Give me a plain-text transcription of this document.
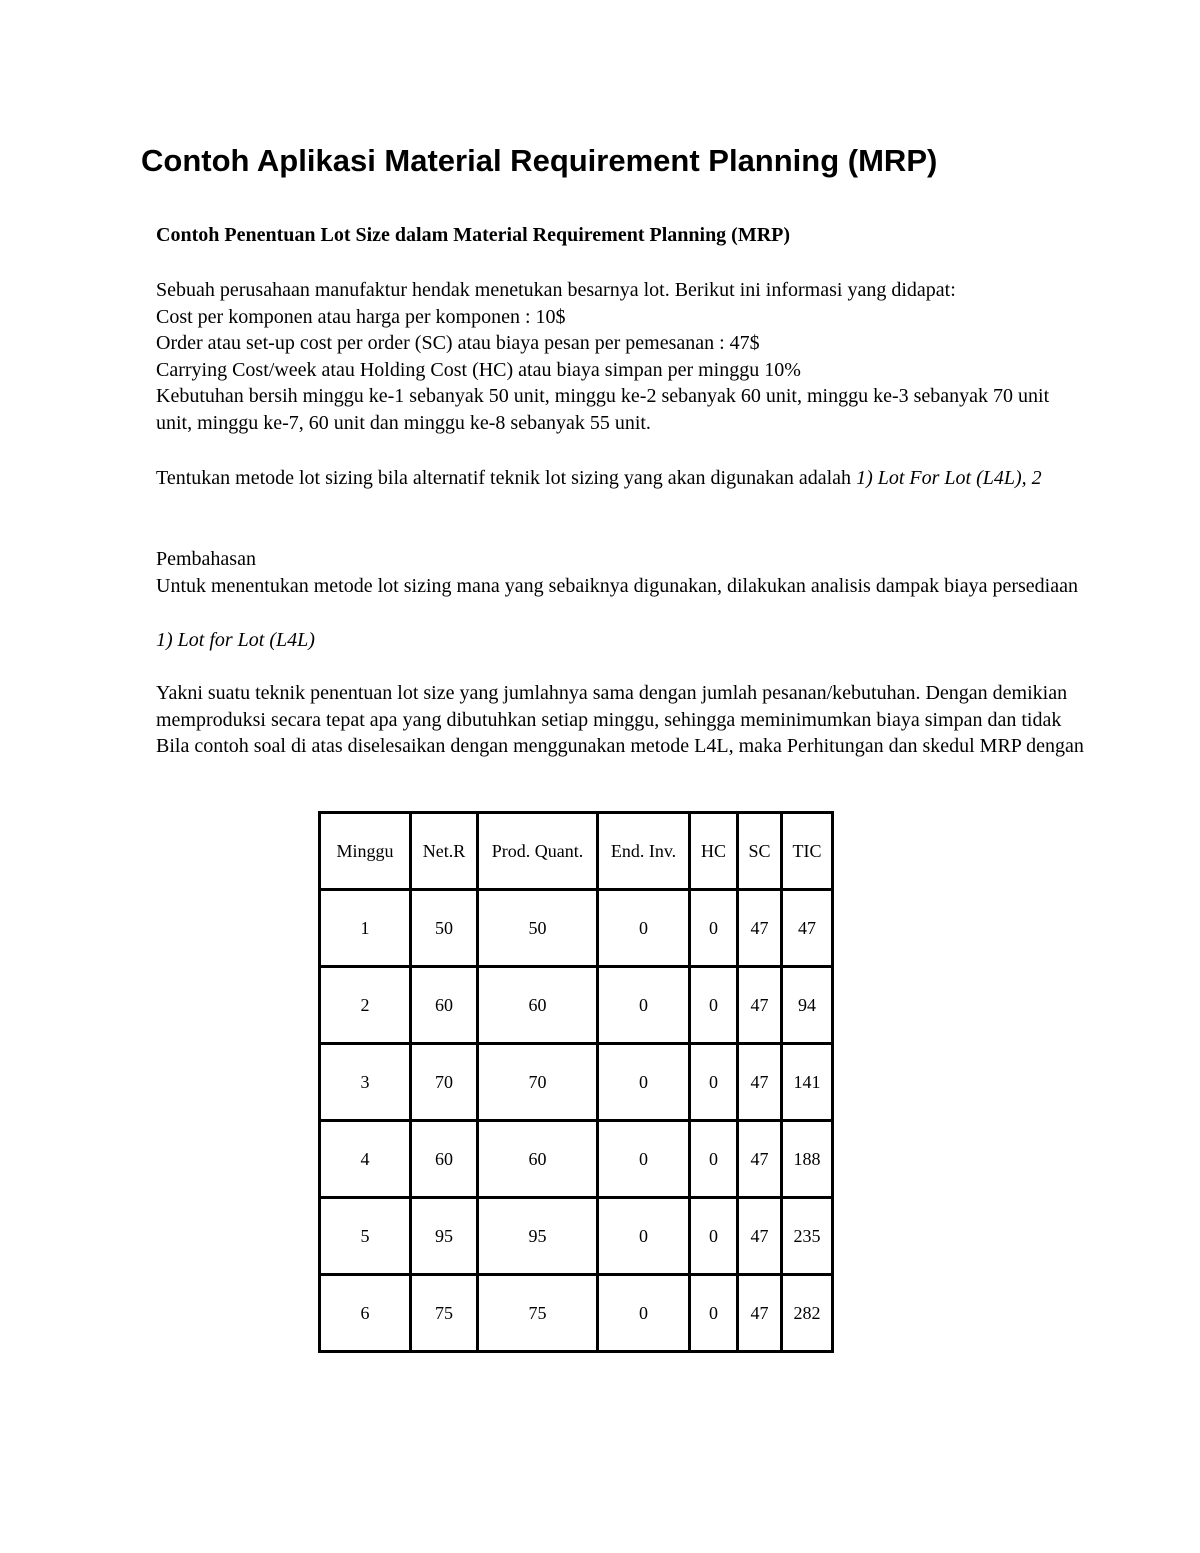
Contoh Aplikasi Material Requirement Planning (MRP)
Contoh Penentuan Lot Size dalam Material Requirement Planning (MRP)
Sebuah perusahaan manufaktur hendak menetukan besarnya lot. Berikut ini informasi yang didapat:
Cost per komponen atau harga per komponen : 10$
Order atau set-up cost per order (SC) atau biaya pesan per pemesanan : 47$
Carrying Cost/week atau Holding Cost (HC) atau biaya simpan per minggu 10%
Kebutuhan bersih minggu ke-1 sebanyak 50 unit, minggu ke-2 sebanyak 60 unit, minggu ke-3 sebanyak 70 unit
unit, minggu ke-7, 60 unit dan minggu ke-8 sebanyak 55 unit.
Tentukan metode lot sizing bila alternatif teknik lot sizing yang akan digunakan adalah 1) Lot For Lot (L4L), 2
Pembahasan
Untuk menentukan metode lot sizing mana yang sebaiknya digunakan, dilakukan analisis dampak biaya persediaan
1) Lot for Lot (L4L)
Yakni suatu teknik penentuan lot size yang jumlahnya sama dengan jumlah pesanan/kebutuhan. Dengan demikian
memproduksi secara tepat apa yang dibutuhkan setiap minggu, sehingga meminimumkan biaya simpan dan tidak
Bila contoh soal di atas diselesaikan dengan menggunakan metode L4L, maka Perhitungan dan skedul MRP dengan
Minggu	Net.R	Prod. Quant.	End. Inv.	HC	SC	TIC
1	50	50	0	0	47	47
2	60	60	0	0	47	94
3	70	70	0	0	47	141
4	60	60	0	0	47	188
5	95	95	0	0	47	235
6	75	75	0	0	47	282
